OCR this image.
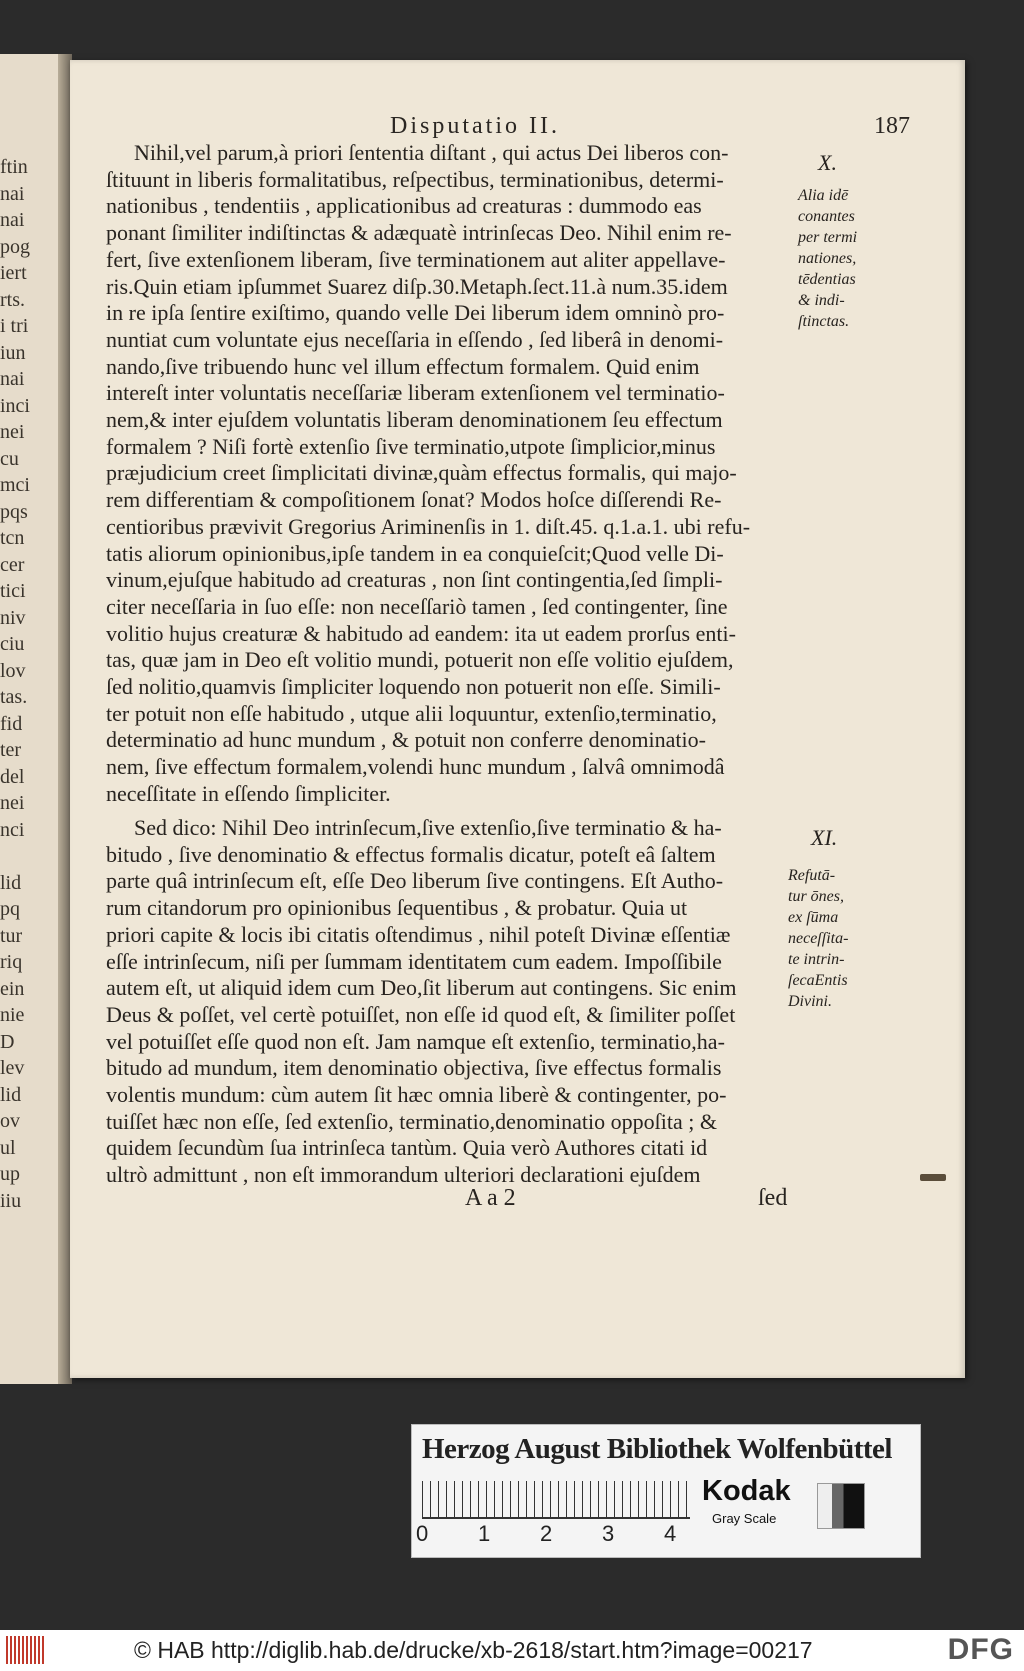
ftin
nai
nai
pog
iert
rts.
i tri
iun
nai
inci
nei
cu
mci
pqs
tcn
cer
tici
niv
ciu
lov
tas.
fid
ter
del
nei
nci

lid
pq
tur
riq
ein
nie
D
lev
lid
ov
ul
up
iiu
Disputatio II.	187
Nihil,vel parum,à priori ſententia diſtant , qui actus Dei liberos con-
ſtituunt in liberis formalitatibus, reſpectibus, terminationibus, determi-
nationibus , tendentiis , applicationibus ad creaturas : dummodo eas
ponant ſimiliter indiſtinctas & adæquatè intrinſecas Deo. Nihil enim re-
fert, ſive extenſionem liberam, ſive terminationem aut aliter appellave-
ris.Quin etiam ipſummet Suarez diſp.30.Metaph.ſect.11.à num.35.idem
in re ipſa ſentire exiſtimo, quando velle Dei liberum idem omninò pro-
nuntiat cum voluntate ejus neceſſaria in eſſendo , ſed liberâ in denomi-
nando,ſive tribuendo hunc vel illum effectum formalem. Quid enim
intereſt inter voluntatis neceſſariæ liberam extenſionem vel terminatio-
nem,& inter ejuſdem voluntatis liberam denominationem ſeu effectum
formalem ? Niſi fortè extenſio ſive terminatio,utpote ſimplicior,minus
præjudicium creet ſimplicitati divinæ,quàm effectus formalis, qui majo-
rem differentiam & compoſitionem ſonat? Modos hoſce diſſerendi Re-
centioribus prævivit Gregorius Ariminenſis in 1. diſt.45. q.1.a.1. ubi refu-
tatis aliorum opinionibus,ipſe tandem in ea conquieſcit;Quod velle Di-
vinum,ejuſque habitudo ad creaturas , non ſint contingentia,ſed ſimpli-
citer neceſſaria in ſuo eſſe: non neceſſariò tamen , ſed contingenter, ſine
volitio hujus creaturæ & habitudo ad eandem: ita ut eadem prorſus enti-
tas, quæ jam in Deo eſt volitio mundi, potuerit non eſſe volitio ejuſdem,
ſed nolitio,quamvis ſimpliciter loquendo non potuerit non eſſe. Simili-
ter potuit non eſſe habitudo , utque alii loquuntur, extenſio,terminatio,
determinatio ad hunc mundum , & potuit non conferre denominatio-
nem, ſive effectum formalem,volendi hunc mundum , ſalvâ omnimodâ
neceſſitate in eſſendo ſimpliciter.
Sed dico: Nihil Deo intrinſecum,ſive extenſio,ſive terminatio & ha-
bitudo , ſive denominatio & effectus formalis dicatur, poteſt eâ ſaltem
parte quâ intrinſecum eſt, eſſe Deo liberum ſive contingens. Eſt Autho-
rum citandorum pro opinionibus ſequentibus , & probatur. Quia ut
priori capite & locis ibi citatis oſtendimus , nihil poteſt Divinæ eſſentiæ
eſſe intrinſecum, niſi per ſummam identitatem cum eadem. Impoſſibile
autem eſt, ut aliquid idem cum Deo,ſit liberum aut contingens. Sic enim
Deus & poſſet, vel certè potuiſſet, non eſſe id quod eſt, & ſimiliter poſſet
vel potuiſſet eſſe quod non eſt. Jam namque eſt extenſio, terminatio,ha-
bitudo ad mundum, item denominatio objectiva, ſive effectus formalis
volentis mundum: cùm autem ſit hæc omnia liberè & contingenter, po-
tuiſſet hæc non eſſe, ſed extenſio, terminatio,denominatio oppoſita ; &
quidem ſecundùm ſua intrinſeca tantùm. Quia verò Authores citati id
ultrò admittunt , non eſt immorandum ulteriori declarationi ejuſdem
X.
Alia idē
conantes
per termi
nationes,
tēdentias
& indi-
ſtinctas.
XI.
Refutā-
tur ōnes,
ex ſūma
neceſſita-
te intrin-
ſecaEntis
Divini.
A a 2	ſed
Herzog August Bibliothek Wolfenbüttel
0 1 2 3 4
Kodak
Gray Scale
© HAB http://diglib.hab.de/drucke/xb-2618/start.htm?image=00217	DFG
